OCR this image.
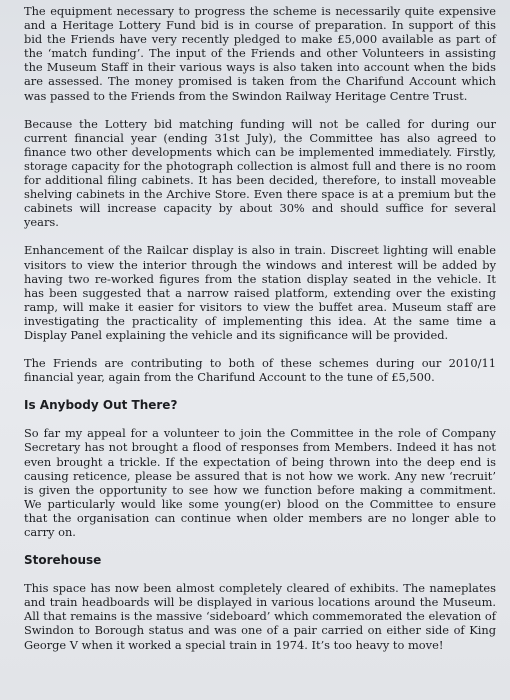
The equipment necessary to progress the scheme is necessarily quite expensive and a Heritage Lottery Fund bid is in course of preparation. In support of this bid the Friends have very recently pledged to make £5,000 available as part of the ‘match funding’. The input of the Friends and other Volunteers in assisting the Museum Staff in their various ways is also taken into account when the bids are assessed. The money promised is taken from the Charifund Account which was passed to the Friends from the Swindon Railway Heritage Centre Trust.

Because the Lottery bid matching funding will not be called for during our current financial year (ending 31st July), the Committee has also agreed to finance two other developments which can be implemented immediately. Firstly, storage capacity for the photograph collection is almost full and there is no room for additional filing cabinets. It has been decided, therefore, to install moveable shelving cabinets in the Archive Store. Even there space is at a premium but the cabinets will increase capacity by about 30% and should suffice for several years.

Enhancement of the Railcar display is also in train. Discreet lighting will enable visitors to view the interior through the windows and interest will be added by having two re-worked figures from the station display seated in the vehicle. It has been suggested that a narrow raised platform, extending over the existing ramp, will make it easier for visitors to view the buffet area. Museum staff are investigating the practicality of implementing this idea. At the same time a Display Panel explaining the vehicle and its significance will be provided.

The Friends are contributing to both of these schemes during our 2010/11 financial year, again from the Charifund Account to the tune of £5,500.

Is Anybody Out There?

So far my appeal for a volunteer to join the Committee in the role of Company Secretary has not brought a flood of responses from Members. Indeed it has not even brought a trickle. If the expectation of being thrown into the deep end is causing reticence, please be assured that is not how we work. Any new ‘recruit’ is given the opportunity to see how we function before making a commitment. We particularly would like some young(er) blood on the Committee to ensure that the organisation can continue when older members are no longer able to carry on.

Storehouse

This space has now been almost completely cleared of exhibits. The nameplates and train headboards will be displayed in various locations around the Museum. All that remains is the massive ‘sideboard’ which commemorated the elevation of Swindon to Borough status and was one of a pair carried on either side of King George V when it worked a special train in 1974. It’s too heavy to move!
